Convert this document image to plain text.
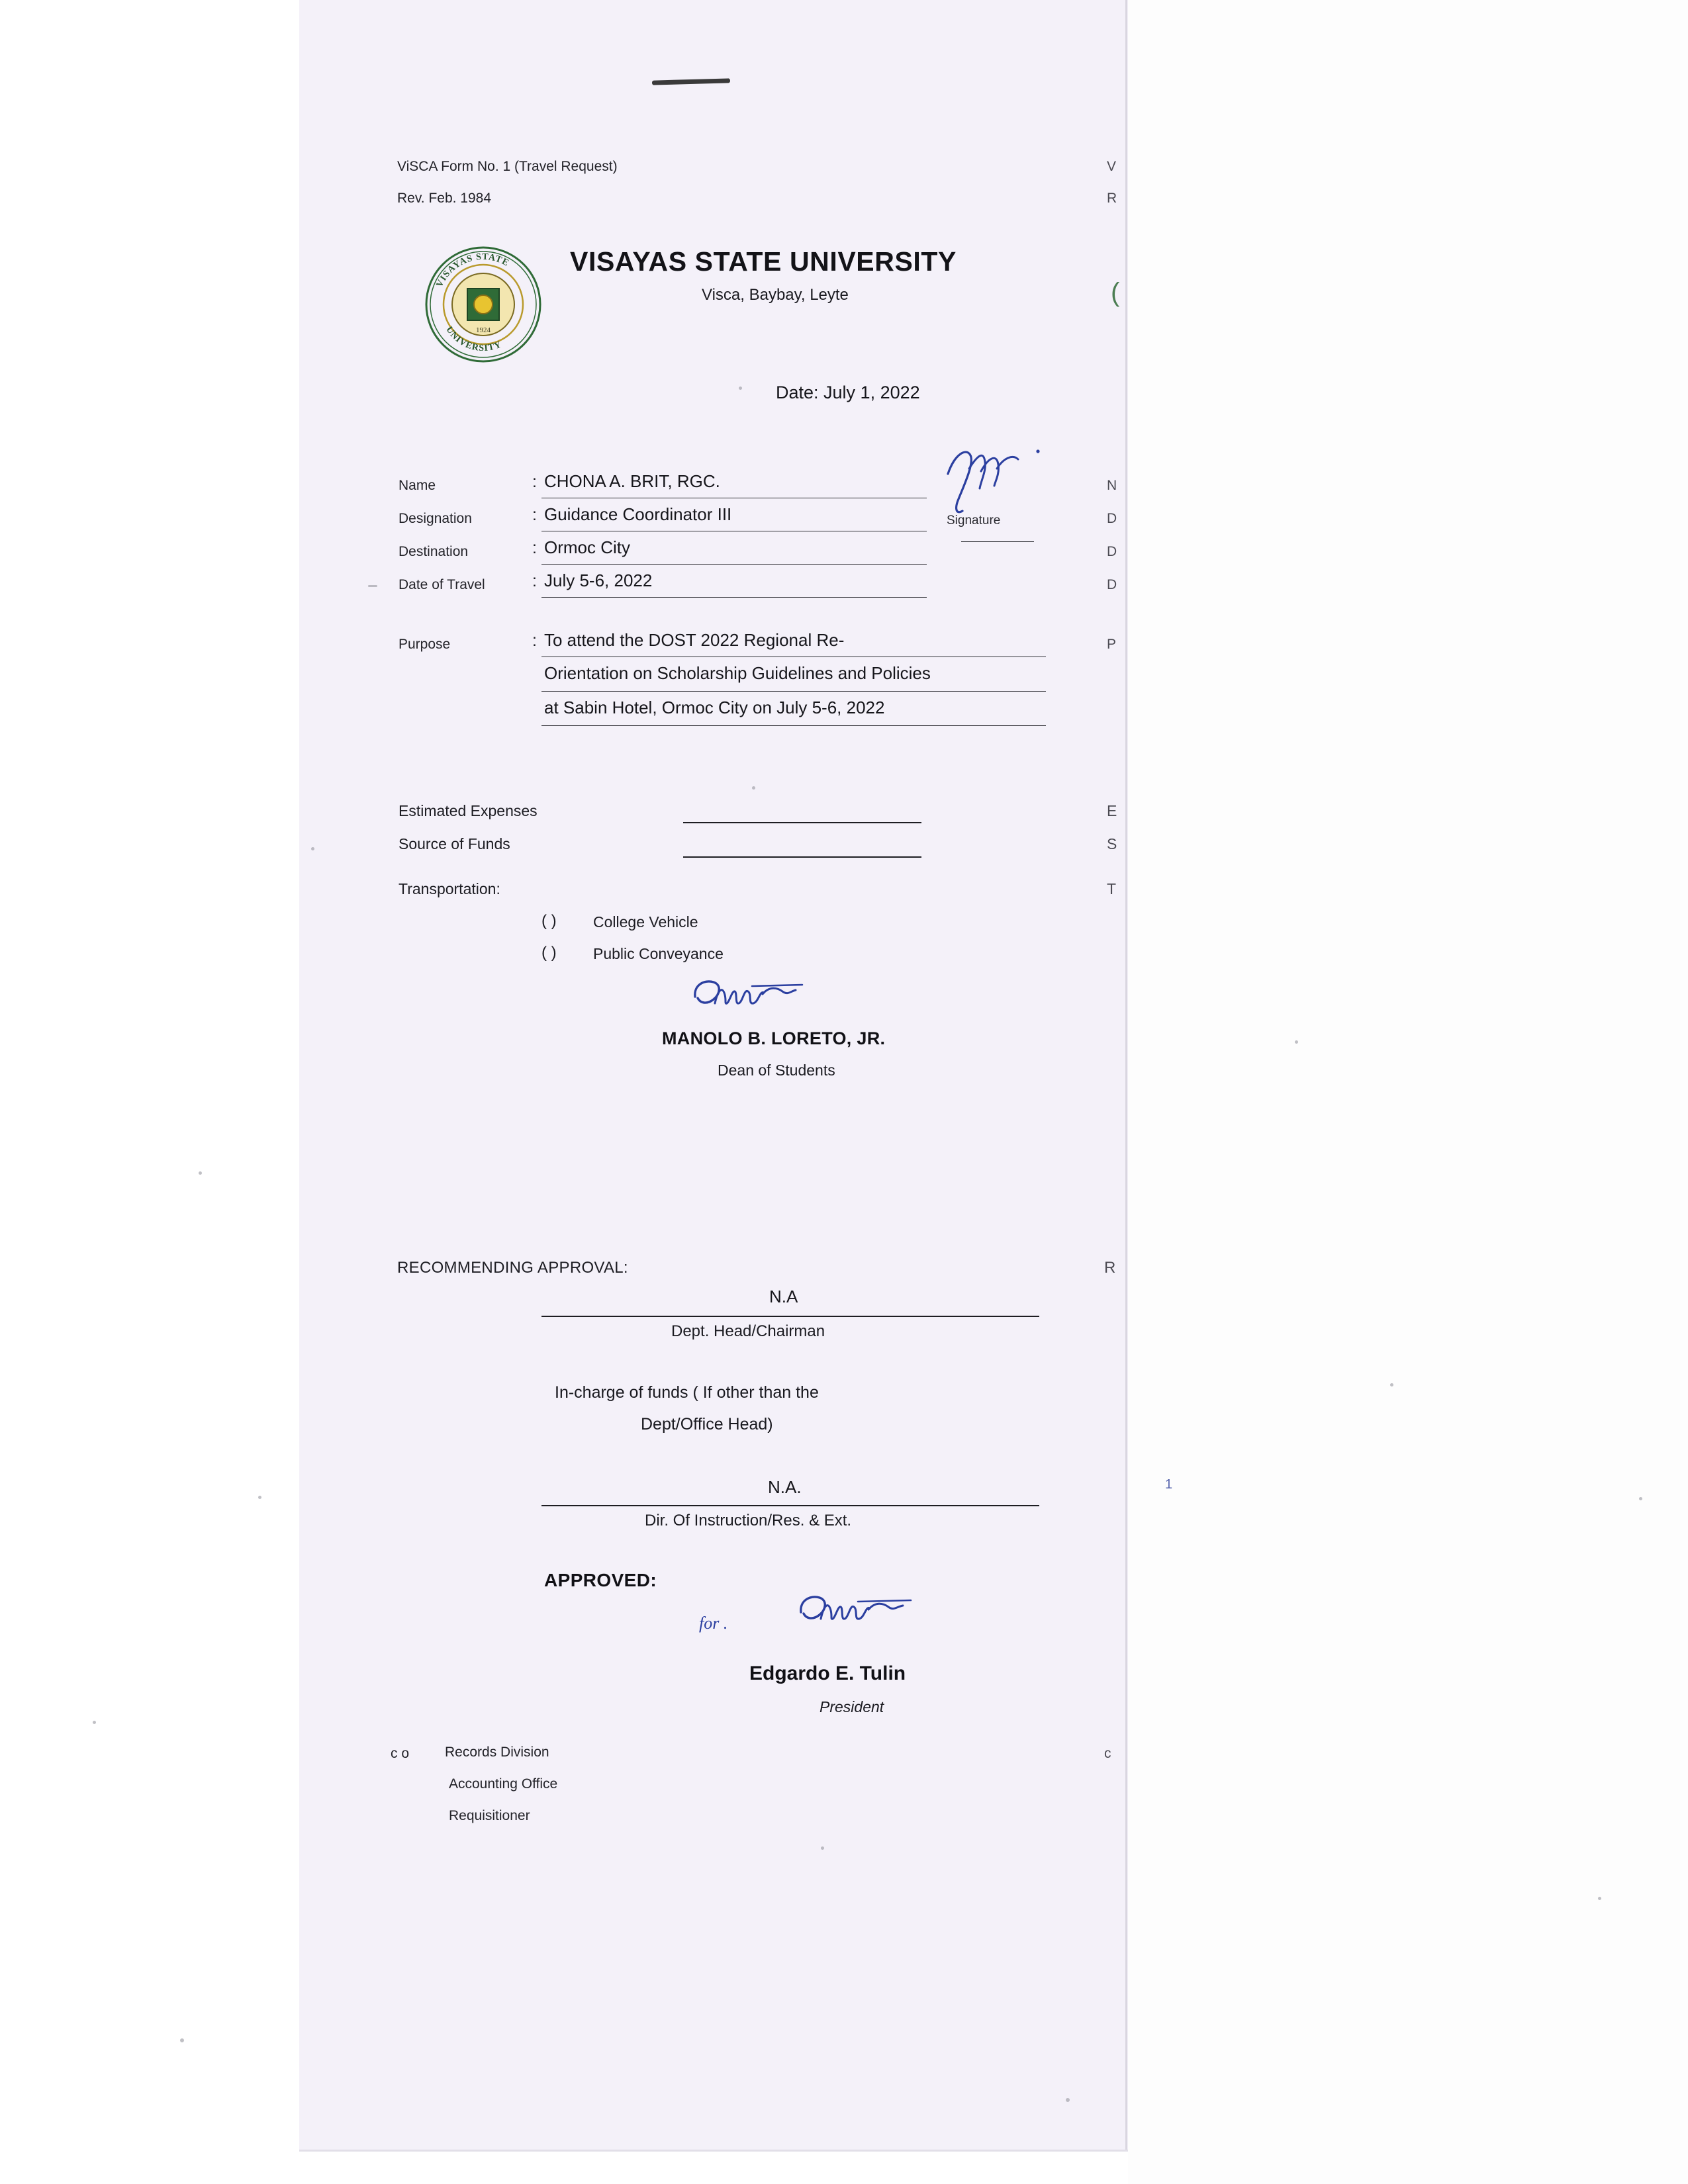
ViSCA Form No. 1 (Travel Request)
Rev. Feb. 1984
VISAYAS STATE
UNIVERSITY
1924
VISAYAS STATE UNIVERSITY
Visca, Baybay, Leyte
Date: July 1, 2022
Name	: CHONA A. BRIT, RGC.
Designation	: Guidance Coordinator III
Destination	: Ormoc City
Date of Travel	: July 5-6, 2022
Signature
Purpose	: To attend the DOST 2022 Regional Re-
Orientation on Scholarship Guidelines and Policies
at Sabin Hotel, Ormoc City on July 5-6, 2022
Estimated Expenses
Source of Funds
Transportation:
( ) College Vehicle
( ) Public Conveyance
MANOLO B. LORETO, JR.
Dean of Students
RECOMMENDING APPROVAL:
N.A
Dept. Head/Chairman
In-charge of funds ( If other than the
Dept/Office Head)
N.A.
Dir. Of Instruction/Res. & Ext.
APPROVED:
for .
Edgardo E. Tulin
President
c o	Records Division
Accounting Office
Requisitioner
V
R
(
N
D
D
D
P
E
S
T
R
c
1
